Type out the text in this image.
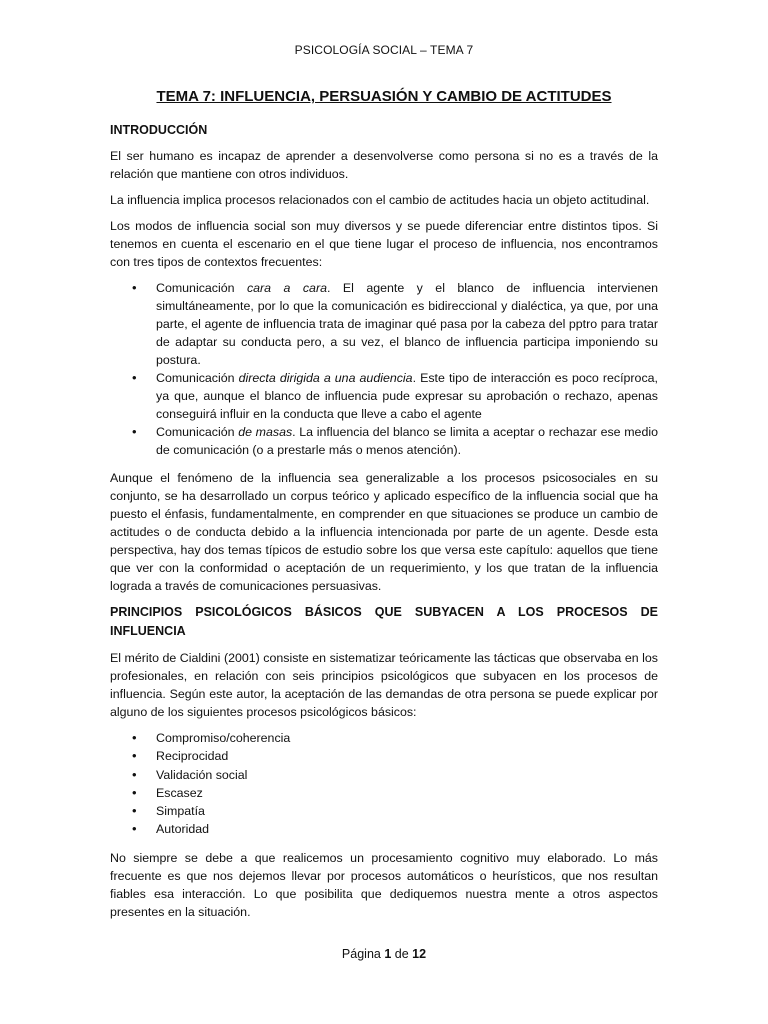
PSICOLOGÍA SOCIAL – TEMA 7
TEMA 7: INFLUENCIA, PERSUASIÓN Y CAMBIO DE ACTITUDES
INTRODUCCIÓN

El ser humano es incapaz de aprender a desenvolverse como persona si no es a través de la relación que mantiene con otros individuos.

La influencia implica procesos relacionados con el cambio de actitudes hacia un objeto actitudinal.

Los modos de influencia social son muy diversos y se puede diferenciar entre distintos tipos. Si tenemos en cuenta el escenario en el que tiene lugar el proceso de influencia, nos encontramos con tres tipos de contextos frecuentes:

• Comunicación cara a cara. El agente y el blanco de influencia intervienen simultáneamente, por lo que la comunicación es bidireccional y dialéctica, ya que, por una parte, el agente de influencia trata de imaginar qué pasa por la cabeza del pptro para tratar de adaptar su conducta pero, a su vez, el blanco de influencia participa imponiendo su postura.
• Comunicación directa dirigida a una audiencia. Este tipo de interacción es poco recíproca, ya que, aunque el blanco de influencia pude expresar su aprobación o rechazo, apenas conseguirá influir en la conducta que lleve a cabo el agente
• Comunicación de masas. La influencia del blanco se limita a aceptar o rechazar ese medio de comunicación (o a prestarle más o menos atención).

Aunque el fenómeno de la influencia sea generalizable a los procesos psicosociales en su conjunto, se ha desarrollado un corpus teórico y aplicado específico de la influencia social que ha puesto el énfasis, fundamentalmente, en comprender en que situaciones se produce un cambio de actitudes o de conducta debido a la influencia intencionada por parte de un agente. Desde esta perspectiva, hay dos temas típicos de estudio sobre los que versa este capítulo: aquellos que tiene que ver con la conformidad o aceptación de un requerimiento, y los que tratan de la influencia lograda a través de comunicaciones persuasivas.

PRINCIPIOS PSICOLÓGICOS BÁSICOS QUE SUBYACEN A LOS PROCESOS DE INFLUENCIA

El mérito de Cialdini (2001) consiste en sistematizar teóricamente las tácticas que observaba en los profesionales, en relación con seis principios psicológicos que subyacen en los procesos de influencia. Según este autor, la aceptación de las demandas de otra persona se puede explicar por alguno de los siguientes procesos psicológicos básicos:

• Compromiso/coherencia
• Reciprocidad
• Validación social
• Escasez
• Simpatía
• Autoridad

No siempre se debe a que realicemos un procesamiento cognitivo muy elaborado. Lo más frecuente es que nos dejemos llevar por procesos automáticos o heurísticos, que nos resultan fiables esa interacción. Lo que posibilita que dediquemos nuestra mente a otros aspectos presentes en la situación.

Página 1 de 12
